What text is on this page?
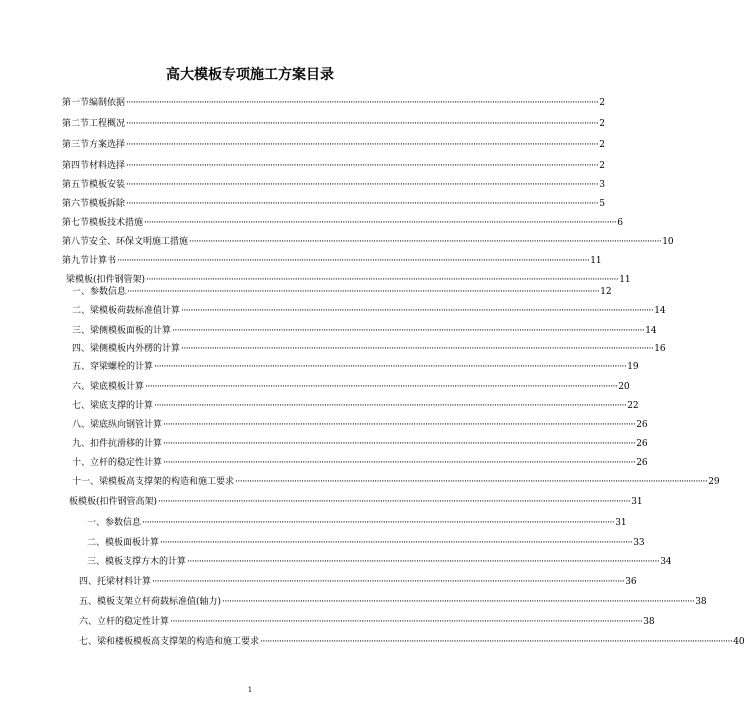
高大模板专项施工方案目录
第一节 编制依据 ········································································································································································································ 2
第二节 工程概况 ········································································································································································································ 2
第三节 方案选择 ········································································································································································································ 2
第四节 材料选择 ········································································································································································································ 2
第五节 模板安装 ········································································································································································································ 3
第六节 模板拆除 ········································································································································································································ 5
第七节 模板技术措施 ········································································································································································································ 6
第八节 安全、环保文明施工措施 ········································································································································································································ 10
第九节 计算书 ········································································································································································································ 11
梁模板(扣件钢管架) ········································································································································································································ 11
一、参数信息 ········································································································································································································ 12
二、梁模板荷载标准值计算 ········································································································································································································ 14
三、梁侧模板面板的计算 ········································································································································································································ 14
四、梁侧模板内外楞的计算 ········································································································································································································ 16
五、穿梁螺栓的计算 ········································································································································································································ 19
六、梁底模板计算 ········································································································································································································ 20
七、梁底支撑的计算 ········································································································································································································ 22
八、梁底纵向钢管计算 ········································································································································································································ 26
九、扣件抗滑移的计算 ········································································································································································································ 26
十、立杆的稳定性计算 ········································································································································································································ 26
十一、梁模板高支撑架的构造和施工要求 ········································································································································································································ 29
板模板(扣件钢管高架) ········································································································································································································ 31
一、参数信息 ········································································································································································································ 31
二、模板面板计算 ········································································································································································································ 33
三、模板支撑方木的计算 ········································································································································································································ 34
四、托梁材料计算 ········································································································································································································ 36
五、模板支架立杆荷载标准值(轴力) ········································································································································································································ 38
六、立杆的稳定性计算 ········································································································································································································ 38
七、梁和楼板模板高支撑架的构造和施工要求 ········································································································································································································ 40
1
